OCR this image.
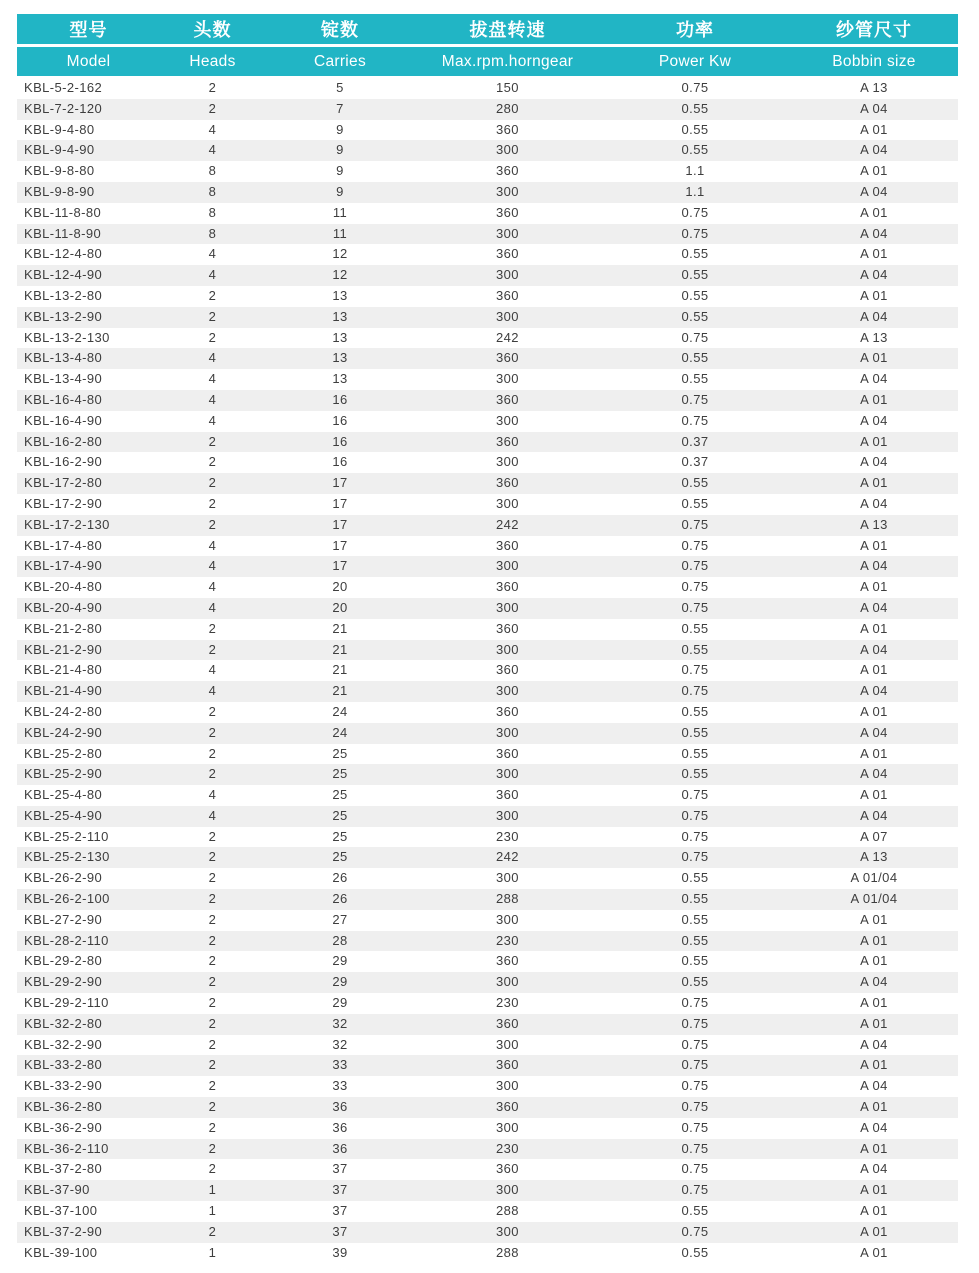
型号	头数	锭数	拔盘转速	功率	纱管尺寸
Model	Heads	Carries	Max.rpm.horngear	Power Kw	Bobbin size
KBL-5-2-162	2	5	150	0.75	A 13
KBL-7-2-120	2	7	280	0.55	A 04
KBL-9-4-80	4	9	360	0.55	A 01
KBL-9-4-90	4	9	300	0.55	A 04
KBL-9-8-80	8	9	360	1.1	A 01
KBL-9-8-90	8	9	300	1.1	A 04
KBL-11-8-80	8	11	360	0.75	A 01
KBL-11-8-90	8	11	300	0.75	A 04
KBL-12-4-80	4	12	360	0.55	A 01
KBL-12-4-90	4	12	300	0.55	A 04
KBL-13-2-80	2	13	360	0.55	A 01
KBL-13-2-90	2	13	300	0.55	A 04
KBL-13-2-130	2	13	242	0.75	A 13
KBL-13-4-80	4	13	360	0.55	A 01
KBL-13-4-90	4	13	300	0.55	A 04
KBL-16-4-80	4	16	360	0.75	A 01
KBL-16-4-90	4	16	300	0.75	A 04
KBL-16-2-80	2	16	360	0.37	A 01
KBL-16-2-90	2	16	300	0.37	A 04
KBL-17-2-80	2	17	360	0.55	A 01
KBL-17-2-90	2	17	300	0.55	A 04
KBL-17-2-130	2	17	242	0.75	A 13
KBL-17-4-80	4	17	360	0.75	A 01
KBL-17-4-90	4	17	300	0.75	A 04
KBL-20-4-80	4	20	360	0.75	A 01
KBL-20-4-90	4	20	300	0.75	A 04
KBL-21-2-80	2	21	360	0.55	A 01
KBL-21-2-90	2	21	300	0.55	A 04
KBL-21-4-80	4	21	360	0.75	A 01
KBL-21-4-90	4	21	300	0.75	A 04
KBL-24-2-80	2	24	360	0.55	A 01
KBL-24-2-90	2	24	300	0.55	A 04
KBL-25-2-80	2	25	360	0.55	A 01
KBL-25-2-90	2	25	300	0.55	A 04
KBL-25-4-80	4	25	360	0.75	A 01
KBL-25-4-90	4	25	300	0.75	A 04
KBL-25-2-110	2	25	230	0.75	A 07
KBL-25-2-130	2	25	242	0.75	A 13
KBL-26-2-90	2	26	300	0.55	A 01/04
KBL-26-2-100	2	26	288	0.55	A 01/04
KBL-27-2-90	2	27	300	0.55	A 01
KBL-28-2-110	2	28	230	0.55	A 01
KBL-29-2-80	2	29	360	0.55	A 01
KBL-29-2-90	2	29	300	0.55	A 04
KBL-29-2-110	2	29	230	0.75	A 01
KBL-32-2-80	2	32	360	0.75	A 01
KBL-32-2-90	2	32	300	0.75	A 04
KBL-33-2-80	2	33	360	0.75	A 01
KBL-33-2-90	2	33	300	0.75	A 04
KBL-36-2-80	2	36	360	0.75	A 01
KBL-36-2-90	2	36	300	0.75	A 04
KBL-36-2-110	2	36	230	0.75	A 01
KBL-37-2-80	2	37	360	0.75	A 04
KBL-37-90	1	37	300	0.75	A 01
KBL-37-100	1	37	288	0.55	A 01
KBL-37-2-90	2	37	300	0.75	A 01
KBL-39-100	1	39	288	0.55	A 01
